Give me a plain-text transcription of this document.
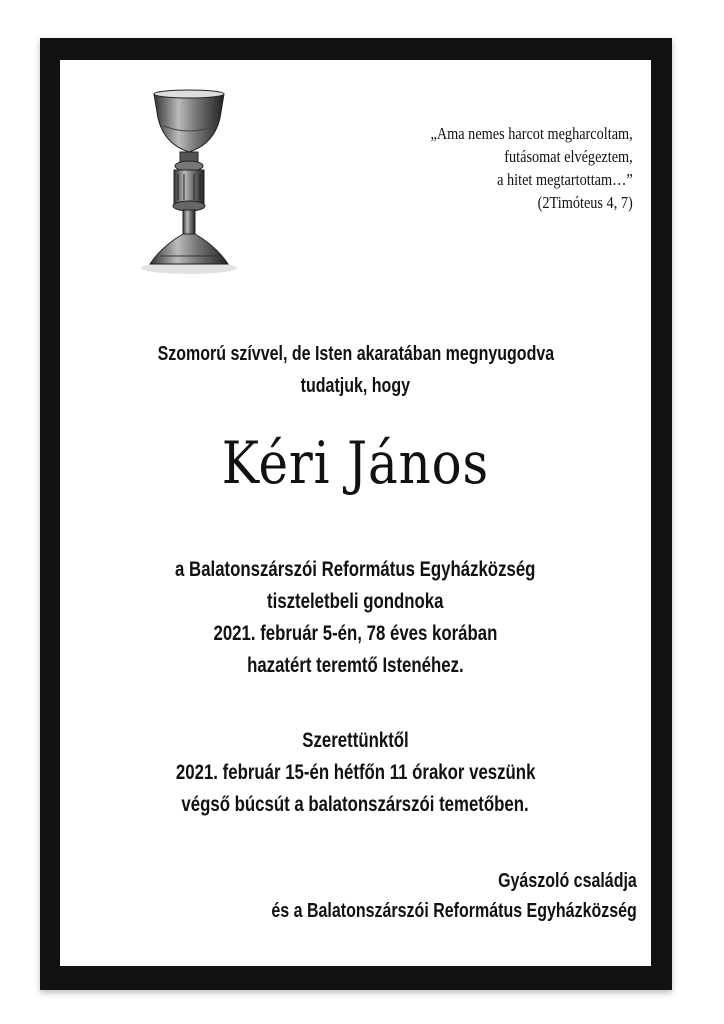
„Ama nemes harcot megharcoltam,
futásomat elvégeztem,
a hitet megtartottam…”
(2Timóteus 4, 7)
Szomorú szívvel, de Isten akaratában megnyugodva
tudatjuk, hogy
Kéri János
a Balatonszárszói Református Egyházközség
tiszteletbeli gondnoka
2021. február 5-én, 78 éves korában
hazatért teremtő Istenéhez.
Szerettünktől
2021. február 15-én hétfőn 11 órakor veszünk
végső búcsút a balatonszárszói temetőben.
Gyászoló családja
és a Balatonszárszói Református Egyházközség
